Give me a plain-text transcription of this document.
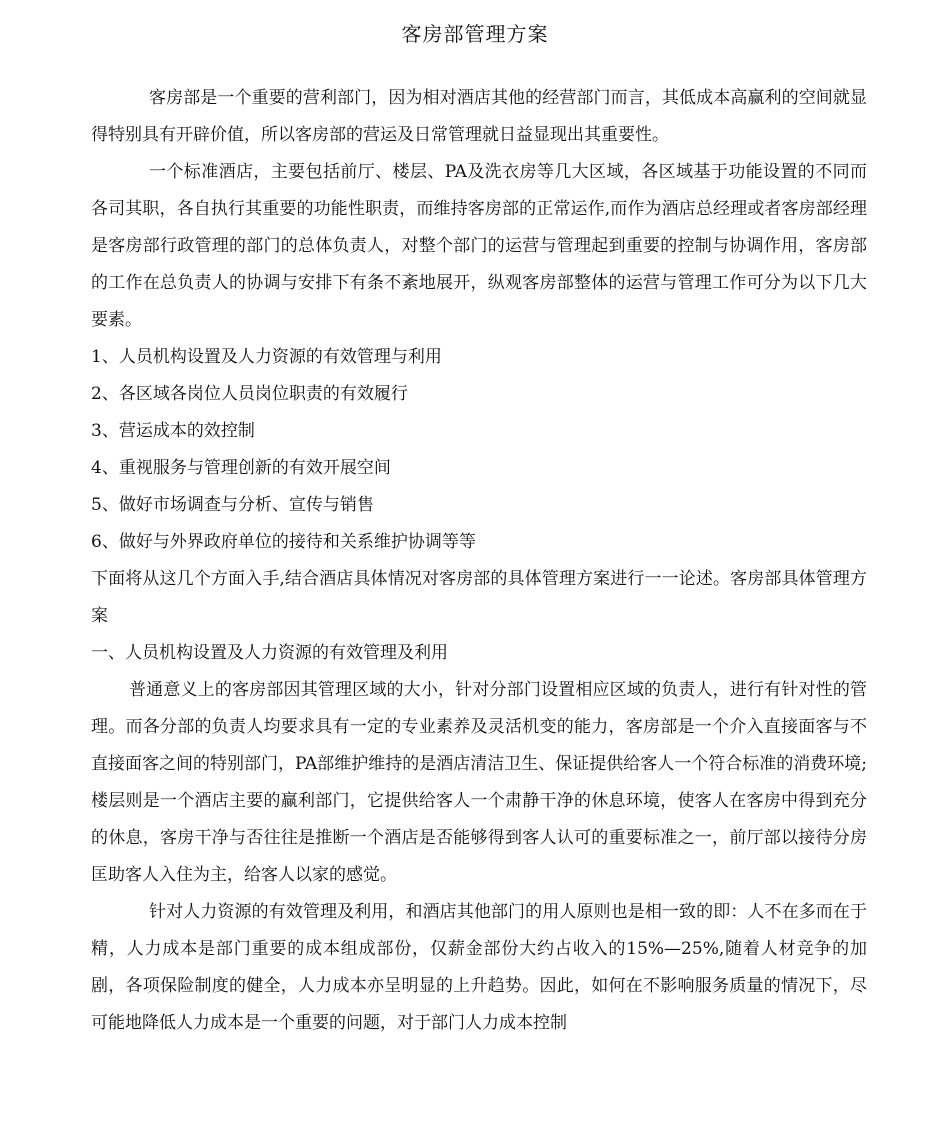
客房部管理方案

客房部是一个重要的营利部门，因为相对酒店其他的经营部门而言，其低成本高赢利的空间就显得特别具有开辟价值，所以客房部的营运及日常管理就日益显现出其重要性。

一个标准酒店，主要包括前厅、楼层、PA及洗衣房等几大区域，各区域基于功能设置的不同而各司其职，各自执行其重要的功能性职责，而维持客房部的正常运作,而作为酒店总经理或者客房部经理是客房部行政管理的部门的总体负责人，对整个部门的运营与管理起到重要的控制与协调作用，客房部的工作在总负责人的协调与安排下有条不紊地展开，纵观客房部整体的运营与管理工作可分为以下几大要素。

1、人员机构设置及人力资源的有效管理与利用

2、各区域各岗位人员岗位职责的有效履行

3、营运成本的效控制

4、重视服务与管理创新的有效开展空间

5、做好市场调查与分析、宣传与销售

6、做好与外界政府单位的接待和关系维护协调等等

下面将从这几个方面入手,结合酒店具体情况对客房部的具体管理方案进行一一论述。客房部具体管理方案

一、人员机构设置及人力资源的有效管理及利用

普通意义上的客房部因其管理区域的大小，针对分部门设置相应区域的负责人，进行有针对性的管理。而各分部的负责人均要求具有一定的专业素养及灵活机变的能力，客房部是一个介入直接面客与不直接面客之间的特别部门，PA部维护维持的是酒店清洁卫生、保证提供给客人一个符合标准的消费环境;楼层则是一个酒店主要的赢利部门，它提供给客人一个肃静干净的休息环境，使客人在客房中得到充分的休息，客房干净与否往往是推断一个酒店是否能够得到客人认可的重要标准之一，前厅部以接待分房匡助客人入住为主，给客人以家的感觉。

针对人力资源的有效管理及利用，和酒店其他部门的用人原则也是相一致的即：人不在多而在于精，人力成本是部门重要的成本组成部份，仅薪金部份大约占收入的15%—25%,随着人材竞争的加剧，各项保险制度的健全，人力成本亦呈明显的上升趋势。因此，如何在不影响服务质量的情况下，尽可能地降低人力成本是一个重要的问题，对于部门人力成本控制
